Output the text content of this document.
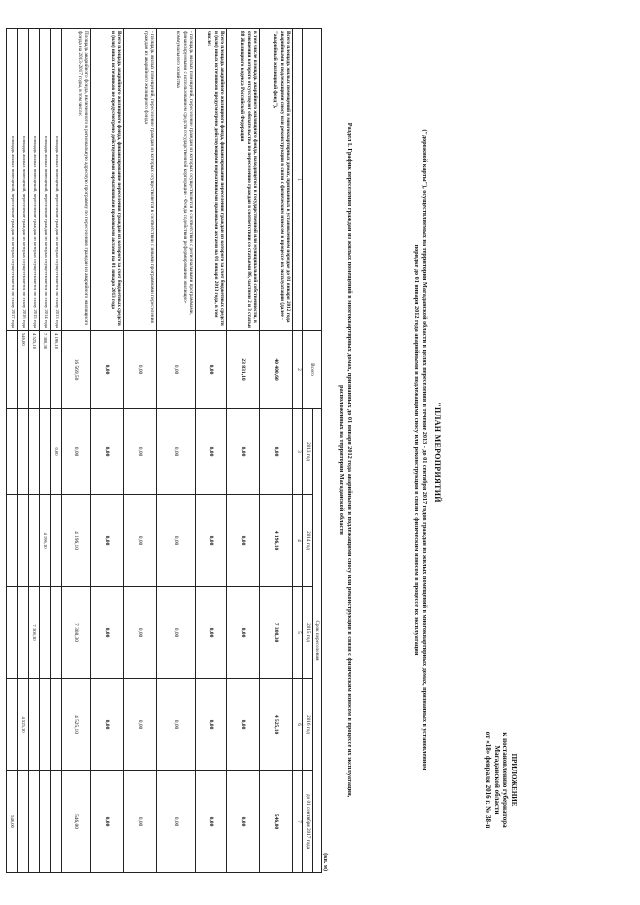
ПРИЛОЖЕНИЕ
к постановлению губернатора
Магаданской области
от «18» февраля 2016 г. № 38-п
"ПЛАН МЕРОПРИЯТИЙ
("дорожной карты"), осуществляемых на территории Магаданской области в целях переселения в течение 2013 - до 01 сентября 2017 годов граждан из жилых помещений в многоквартирных домах, признанных в установленном порядке до 01 января 2012 года аварийными и подлежащими сносу или реконструкции в связи с физическим износом в процессе их эксплуатации
Раздел I. График переселения граждан из жилых помещений в многоквартирных домах, признанных до 01 января 2012 года аварийными и подлежащими сносу или реконструкции в связи с физическим износом в процессе их эксплуатации, расположенных на территории Магаданской области
(кв. м)
	Всего	Срок переселения				
		2013 год	2014 год	2015 год	2016 год	до 01 сентября 2017 года
1	2	3	4	5	6	7
Всего площадь жилых помещений в многоквартирных домах, признанных в установленном порядке до 01 января 2012 года аварийными и подлежащими сносу или реконструкции в связи с физическим износом в процессе их эксплуатации (далее - "аварийный жилищный фонд"),	40 400,60	0,00	4 196,10	7 308,30	4 525,10	546,00
в том числе площадь аварийного жилищного фонда, находящегося в государственной или муниципальной собственности, в отношении которого отсутствуют обязательства по переселению граждан в соответствии со статьями 86, частями 2 и 3 статьи 88 Жилищного кодекса Российской Федерации	23 831,10	0,00	0,00	0,00	0,00	0,00
Всего площадь аварийного жилищного фонда, финансирование переселения граждан из которого за счет бюджетных средств и (или) иных источников предусмотрено действующими нормативными правовыми актами на 01 января 2013 года, в том числе:	0,00	0,00	0,00	0,00	0,00	0,00
- площадь жилых помещений, переселение граждан из которых осуществляется в соответствии с региональными программами, финансируемыми с использованием средств государственной корпорации - Фонда содействия реформированию жилищно-коммунального хозяйства	0,00	0,00	0,00	0,00	0,00	0,00
- площадь жилых помещений, переселение граждан из которых осуществляется в соответствии с иными программами переселения граждан из аварийного жилищного фонда	0,00	0,00	0,00	0,00	0,00	0,00
Всего площадь аварийного жилищного фонда, финансирование переселения граждан из которого за счет бюджетных средств и (или) иных источников не предусмотрено действующими нормативными правовыми актами на 01 января 2013 года	0,00	0,00	0,00	0,00	0,00	0,00
Площадь аварийного фонда, включенного в региональную адресную программу по переселению граждан из аварийного жилищного фонда на 2013-2017 годы, в том числе:	16 569,50	0,00	4 196,10	7 308,30	4 525,10	546,00
площадь жилых помещений, переселение граждан из которых осуществляется по этапу 2013 года	4 196,10	0,00				
площадь жилых помещений, переселение граждан из которых осуществляется по этапу 2014 года	7 308,30		4 196,10			
площадь жилых помещений, переселение граждан из которых осуществляется по этапу 2015 года	4 525,10			7 308,30		
площадь жилых помещений, переселение граждан из которых осуществляется по этапу 2016 года	546,00				4 525,10	
площадь жилых помещений, переселение граждан из которых осуществляется по этапу 2017 года						546,00
